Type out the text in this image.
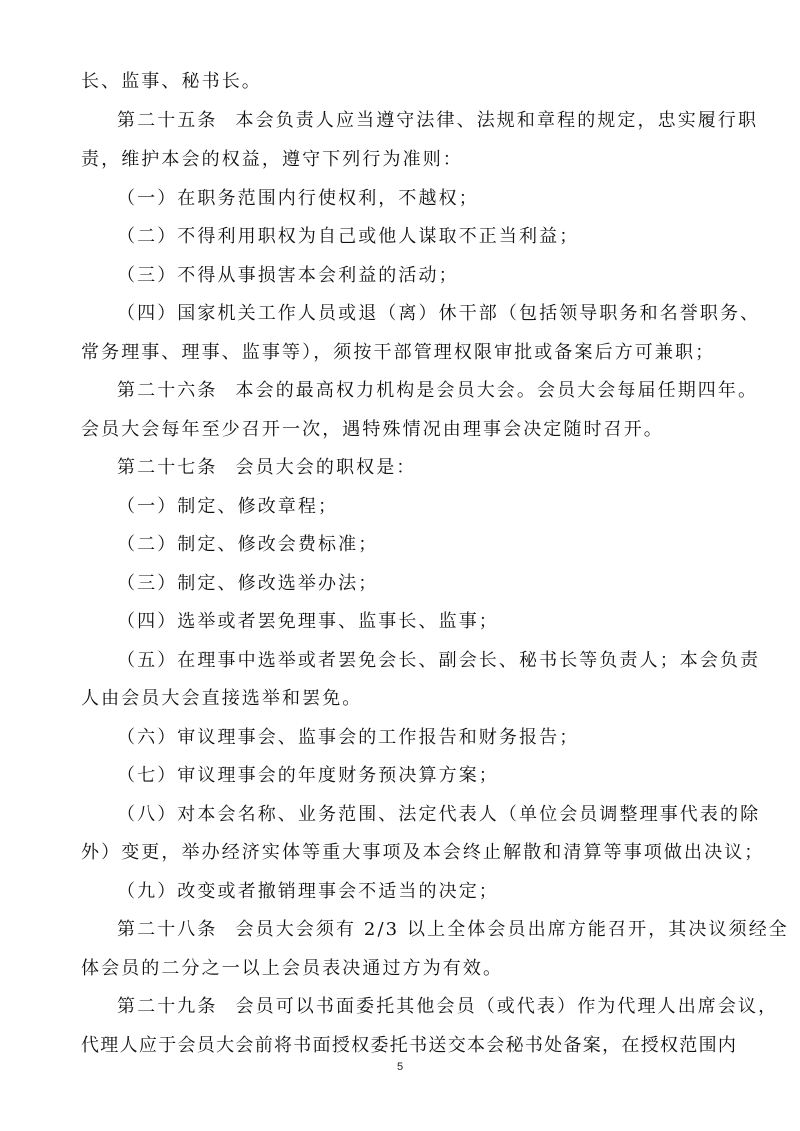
长、监事、秘书长。
第二十五条 本会负责人应当遵守法律、法规和章程的规定，忠实履行职
责，维护本会的权益，遵守下列行为准则：
（一）在职务范围内行使权利，不越权；
（二）不得利用职权为自己或他人谋取不正当利益；
（三）不得从事损害本会利益的活动；
（四）国家机关工作人员或退（离）休干部（包括领导职务和名誉职务、
常务理事、理事、监事等），须按干部管理权限审批或备案后方可兼职；
第二十六条 本会的最高权力机构是会员大会。会员大会每届任期四年。
会员大会每年至少召开一次，遇特殊情况由理事会决定随时召开。
第二十七条 会员大会的职权是：
（一）制定、修改章程；
（二）制定、修改会费标准；
（三）制定、修改选举办法；
（四）选举或者罢免理事、监事长、监事；
（五）在理事中选举或者罢免会长、副会长、秘书长等负责人；本会负责
人由会员大会直接选举和罢免。
（六）审议理事会、监事会的工作报告和财务报告；
（七）审议理事会的年度财务预决算方案；
（八）对本会名称、业务范围、法定代表人（单位会员调整理事代表的除
外）变更，举办经济实体等重大事项及本会终止解散和清算等事项做出决议；
（九）改变或者撤销理事会不适当的决定；
第二十八条 会员大会须有 2/3 以上全体会员出席方能召开，其决议须经全
体会员的二分之一以上会员表决通过方为有效。
第二十九条 会员可以书面委托其他会员（或代表）作为代理人出席会议，
代理人应于会员大会前将书面授权委托书送交本会秘书处备案，在授权范围内
5
